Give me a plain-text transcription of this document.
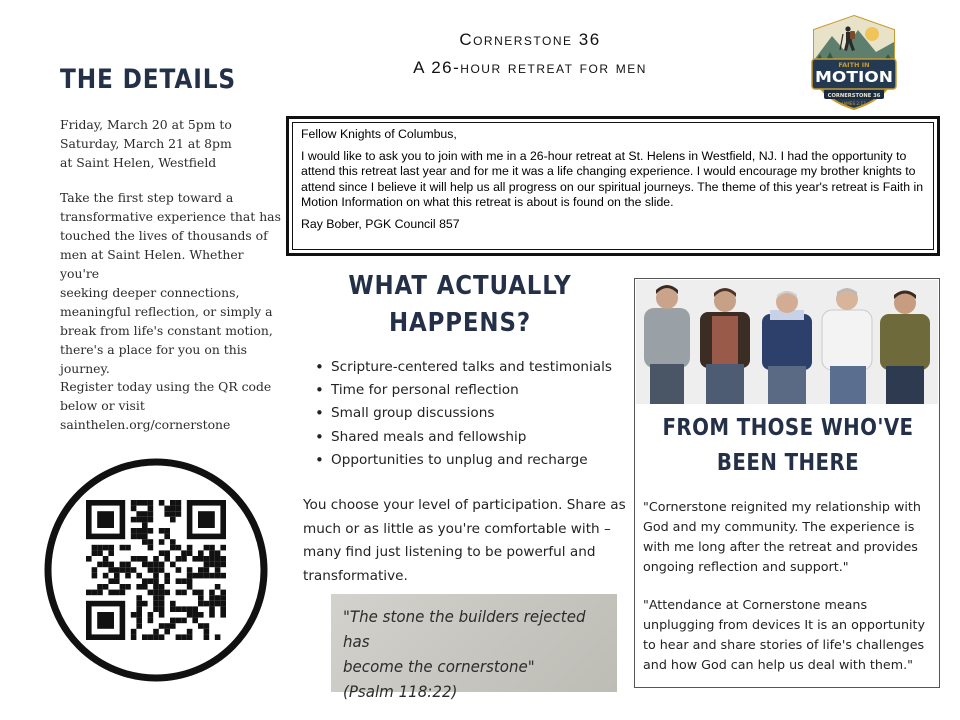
Cornerstone 36
A 26-hour retreat for men	FAITH IN
MOTION
CORNERSTONE 36
JAMES 2:17
THE DETAILS
Friday, March 20 at 5pm to
Saturday, March 21 at 8pm
at Saint Helen, Westfield
Take the first step toward a
transformative experience that has
touched the lives of thousands of
men at Saint Helen. Whether you're
seeking deeper connections,
meaningful reflection, or simply a
break from life's constant motion,
there's a place for you on this
journey.
Register today using the QR code
below or visit
sainthelen.org/cornerstone

Fellow Knights of Columbus,

I would like to ask you to join with me in a 26-hour retreat at St. Helens in Westfield, NJ. I had the opportunity to attend this retreat last year and for me it was a life changing experience. I would encourage my brother knights to attend since I believe it will help us all progress on our spiritual journeys. The theme of this year's retreat is Faith in Motion Information on what this retreat is about is found on the slide.

Ray Bober, PGK Council 857

WHAT ACTUALLY
HAPPENS?
• Scripture-centered talks and testimonials
• Time for personal reflection
• Small group discussions
• Shared meals and fellowship
• Opportunities to unplug and recharge
You choose your level of participation. Share as much or as little as you're comfortable with – many find just listening to be powerful and transformative.
"The stone the builders rejected has
become the cornerstone"
(Psalm 118:22)
FROM THOSE WHO'VE
BEEN THERE
"Cornerstone reignited my relationship with God and my community. The experience is with me long after the retreat and provides ongoing reflection and support."
"Attendance at Cornerstone means unplugging from devices It is an opportunity to hear and share stories of life's challenges and how God can help us deal with them."
